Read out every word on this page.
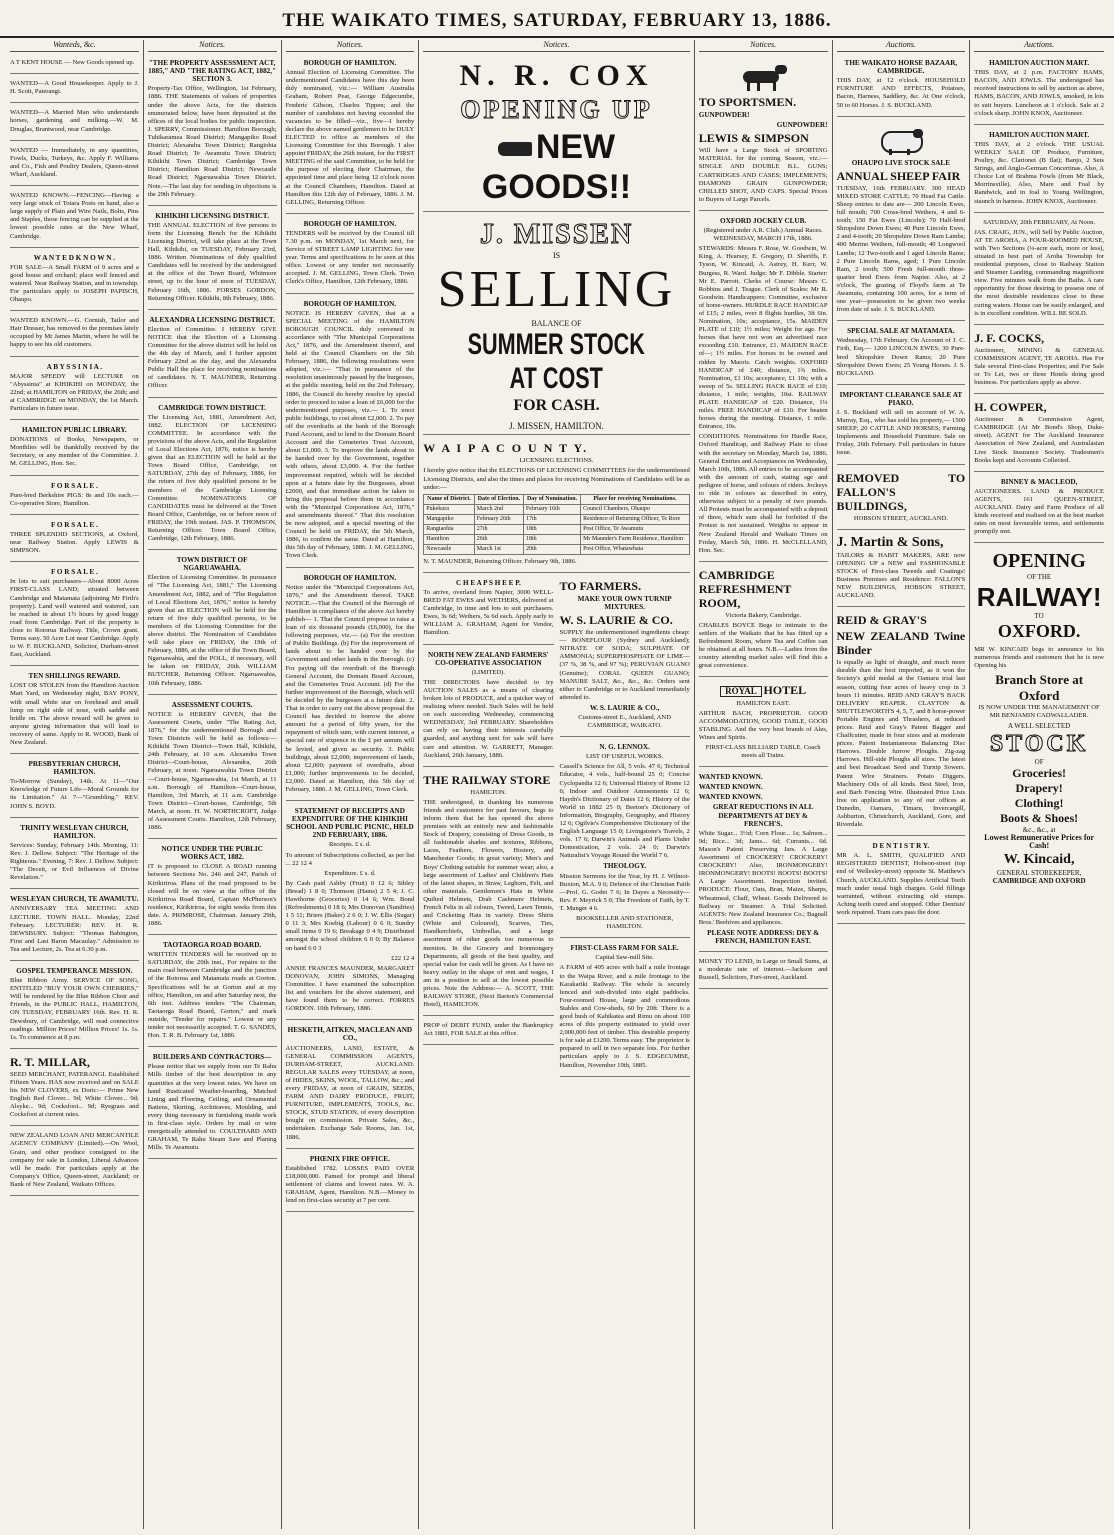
THE WAIKATO TIMES, SATURDAY, FEBRUARY 13, 1886.
Wanteds, &c.

A T KENT HOUSE — New Goods opened up.

WANTED—A Good Housekeeper. Apply to J. H. Scott, Paterangi.

WANTED—A Married Man who understands horses, gardening and milking.—W. M. Douglas, Brantwood, near Cambridge.

WANTED — Immediately, in any quantities, Fowls, Ducks, Turkeys, &c. Apply F. Williams and Co., Fish and Poultry Dealers, Queen-street Wharf, Auckland.

WANTED KNOWN.—FENCING—Having a very large stock of Totara Posts on hand, also a large supply of Plain and Wire Nails, Bolts, Pins and Staples, those fencing can be supplied at the lowest possible rates at the New Wharf, Cambridge.

W A N T E D K N O W N .

FOR SALE—A Small FARM of 9 acres and a good house and orchard; place well fenced and watered. Near Railway Station, and in township. For particulars apply to JOSEPH PAPISCH, Ohaupo.

WANTED KNOWN.—G. Cornish, Tailor and Hair Dresser, has removed to the premises lately occupied by Mr James Martin, where he will be happy to see his old customers.

A B Y S S I N I A .

MAJOR SPEEDY will LECTURE on "Abyssinia" at KIHIKIHI on MONDAY, the 22nd; at HAMILTON on FRIDAY, the 26th; and at CAMBRIDGE on MONDAY, the 1st March. Particulars in future issue.

HAMILTON PUBLIC LIBRARY.

DONATIONS of Books, Newspapers, or Monthlies will be thankfully received by the Secretary, or any member of the Committee. J. M. GELLING, Hon. Sec.

F O R S A L E .

Pure-bred Berkshire PIGS: 8s and 10s each.—Co-operative Store, Hamilton.

F O R S A L E .

THREE SPLENDID SECTIONS, at Oxford, near Railway Station. Apply LEWIS & SIMPSON.

F O R S A L E .

In lots to suit purchasers—About 8000 Acres FIRST-CLASS LAND; situated between Cambridge and Matamata (adjoining Mr Firth's property). Land well watered and watered, can be reached in about 1½ hours by good buggy road from Cambridge. Part of the property is close to Rotorua Railway. Title, Crown grant. Terms easy. 50 Acre Lot near Cambridge. Apply to W. F. BUCKLAND, Solicitor, Durham-street East, Auckland.

TEN SHILLINGS REWARD.

LOST OR STOLEN from the Hamilton Auction Mart Yard, on Wednesday night, BAY PONY, with small white star on forehead and small lump on right side of nose, with saddle and bridle on. The above reward will be given to anyone giving information that will lead to recovery of same. Apply to R. WOOD, Bank of New Zealand.

PRESBYTERIAN CHURCH, HAMILTON.

To-Morrow (Sunday), 14th. At 11—"Our Knowledge of Future Life—Moral Grounds for its Limitation." At 7—"Grumbling." REV. JOHN S. BOYD.

TRINITY WESLEYAN CHURCH, HAMILTON.

Services: Sunday, February 14th. Morning, 11: Rev. J. Dellow. Subject: "The Heritage of the Righteous." Evening, 7: Rev. J. Dellow. Subject: "The Deceit, or Evil Influences of Divine Revelation."

WESLEYAN CHURCH, TE AWAMUTU.

ANNIVERSARY TEA MEETING AND LECTURE. TOWN HALL. Monday, 22nd February. LECTURER: REV. H. R. DEWSBURY. Subject: "Thomas Babington, First and Last Baron Macaulay." Admission to Tea and Lecture, 2s. Tea at 6.30 p.m.

GOSPEL TEMPERANCE MISSION.

Blue Ribbon Army. SERVICE OF SONG, ENTITLED "BUY YOUR OWN CHERRIES," Will be rendered by the Blue Ribbon Choir and Friends, in the PUBLIC HALL, HAMILTON, ON TUESDAY, FEBRUARY 16th. Rev. H. R. Dewsbury, of Cambridge, will read connective readings. Million Prices! Million Prices! 1s. 1s. 1s. To commence at 8 p.m.

R. T. MILLAR,

SEED MERCHANT, PATERANGI. Established Fifteen Years. HAS now received and on SALE his NEW CLOVERS, ex Doric:— Prime New English Red Clover... 9d; White Clover... 9d; Alsyke... 9d; Cocksfoot... 9d; Ryegrass and Cocksfoot at current rates.

NEW ZEALAND LOAN AND MERCANTILE AGENCY COMPANY (Limited).—On Wool, Grain, and other produce consigned to the company for sale in London, Liberal Advances will be made. For particulars apply at the Company's Office, Queen-street, Auckland; or Bank of New Zealand, Waikato Offices.

Notices.

"THE PROPERTY ASSESSMENT ACT, 1885," AND "THE RATING ACT, 1882," SECTION 3.

Property-Tax Office, Wellington, 1st February, 1886. THE Statements of values of properties under the above Acts, for the districts enumerated below, have been deposited at the offices of the local bodies for public inspection. J. SPERRY, Commissioner. Hamilton Borough; Tuhikaramea Road District; Mangapiko Road District; Alexandra Town District; Rangiohia Road District; Te Awamutu Town District; Kihikihi Town District; Cambridge Town District; Hamilton Road District; Newcastle Road District; Ngaruawahia Town District. Note.—The last day for sending in objections is the 29th February.

KIHIKIHI LICENSING DISTRICT.

THE ANNUAL ELECTION of five persons to form the Licensing Bench for the Kihikihi Licensing District, will take place at the Town Hall, Kihikihi, on TUESDAY, February 23rd, 1886. Written Nominations of duly qualified Candidates will be received by the undersigned at the office of the Town Board, Whitmore street, up to the hour of noon of TUESDAY, February 16th, 1886. FORSES GORDON, Returning Officer. Kihikihi, 8th February, 1886.

ALEXANDRA LICENSING DISTRICT.

Election of Committee. I HEREBY GIVE NOTICE that the Election of a Licensing Committee for the above district will be held on the 4th day of March, and I further appoint February 22nd as the day, and the Alexandra Public Hall the place for receiving nominations of candidates. N. T. MAUNDER, Returning Officer.

CAMBRIDGE TOWN DISTRICT.

The Licensing Act, 1881, Amendment Act, 1882. ELECTION OF LICENSING COMMITTEE. In accordance with the provisions of the above Acts, and the Regulation of Local Elections Act, 1876, notice is hereby given that an ELECTION will be held at the Town Board Office, Cambridge, on SATURDAY, 27th day of February, 1886, for the return of five duly qualified persons to be members of the Cambridge Licensing Committee. NOMINATIONS OF CANDIDATES must be delivered at the Town Board Office, Cambridge, on or before noon of FRIDAY, the 19th instant. JAS. P. THOMSON, Returning Officer. Town Board Office, Cambridge, 12th February, 1886.

TOWN DISTRICT OF NGARUAWAHIA.

Election of Licensing Committee. In pursuance of "The Licensing Act, 1881," The Licensing Amendment Act, 1882, and of "The Regulation of Local Elections Act, 1876," notice is hereby given that an ELECTION will be held for the return of five duly qualified persons, to be members of the Licensing Committee for the above district. The Nomination of Candidates will take place on FRIDAY, the 19th of February, 1886, at the office of the Town Board, Ngaruawahia, and the POLL, if necessary, will be taken on FRIDAY, 26th. WILLIAM BUTCHER, Returning Officer. Ngaruawahia, 10th February, 1886.

ASSESSMENT COURTS.

NOTICE is HEREBY GIVEN, that the Assessment Courts, under "The Rating Act, 1876," for the undermentioned Borough and Town Districts will be held as follows:— Kihikihi Town District—Town Hall, Kihikihi, 24th February, at 10 a.m. Alexandra Town District—Court-house, Alexandra, 26th February, at noon. Ngaruawahia Town District—Court-house, Ngaruawahia, 1st March, at 11 a.m. Borough of Hamilton—Court-house, Hamilton, 3rd March, at 11 a.m. Cambridge Town District—Court-house, Cambridge, 5th March, at noon. H. W. NORTHCROFT, Judge of Assessment Courts. Hamilton, 12th February, 1886.

NOTICE UNDER THE PUBLIC WORKS ACT, 1882.

IT is proposed to CLOSE A ROAD running between Sections No. 246 and 247, Parish of Kirikiriroa. Plans of the road proposed to be closed will be on view at the office of the Kirikiriroa Road Board, Captain McPherson's residence, Kirikiriroa, for eight weeks from this date. A. PRIMROSE, Chairman. January 29th, 1886.

TAOTAORGA ROAD BOARD.

WRITTEN TENDERS will be received up to SATURDAY, the 20th inst., For repairs to the main road between Cambridge and the junction of the Rotorua and Matamata roads at Gorton. Specifications will be at Gorton and at my office, Hamilton, on and after Saturday next, the 6th inst. Address tenders "The Chairman, Taotaorga Road Board, Gorton," and mark outside, "Tender for repairs." Lowest or any tender not necessarily accepted. T. G. SANDES, Hon. T. R. B. February 1st, 1886.

BUILDERS AND CONTRACTORS—

Please notice that we supply from our Te Rahu Mills timber of the best description in any quantities at the very lowest rates. We have on hand Rusticated Weather-boarding, Matched Lining and Flooring, Ceiling, and Ornamental Battens, Skirting, Architraves, Moulding, and every thing necessary in furnishing inside work in first-class style. Orders by mail or wire energetically attended to. COULTHARD AND GRAHAM, Te Rahu Steam Saw and Planing Mills. Te Awamutu.

Notices.

BOROUGH OF HAMILTON.

Annual Election of Licensing Committee. The undermentioned Candidates have this day been duly nominated, viz.:— William Australia Graham, Robert Peat, George Edgecumbe, Frederic Gibson, Charles Tippen; and the number of candidates not having exceeded the vacancies to be filled—viz., five—I hereby declare the above named gentlemen to be DULY ELECTED to office as members of the Licensing Committee for this Borough. I also appoint FRIDAY, the 26th instant, for the FIRST MEETING of the said Committee, to be held for the purpose of electing their Chairman, the appointed time and place being 12 o'clock noon at the Council Chambers, Hamilton. Dated at Hamilton this 12th day of February, 1886. J. M. GELLING, Returning Officer.

BOROUGH OF HAMILTON.

TENDERS will be received by the Council till 7.30 p.m. on MONDAY, 1st March next, for Service of STREET LAMP LIGHTING for one year. Terms and specifications to be seen at this office. Lowest or any tender not necessarily accepted. J. M. GELLING, Town Clerk. Town Clerk's Office, Hamilton, 12th February, 1886.

BOROUGH OF HAMILTON.

NOTICE IS HEREBY GIVEN, that at a SPECIAL MEETING of the HAMILTON BOROUGH COUNCIL duly convened in accordance with "The Municipal Corporations Act," 1876, and the Amendment thereof, and held at the Council Chambers on the 5th February, 1886, the following resolutions were adopted, viz.:— "That in pursuance of the resolution unanimously passed by the burgesses, at the public meeting, held on the 2nd February, 1886, the Council do hereby resolve by special order to proceed to raise a loan of £6,000 for the undermentioned purposes, viz.— 1. To erect public buildings, to cost about £2,000. 2. To pay off the overdrafts at the bank of the Borough Fund Account, and to lend to the Domain Board Account and the Cemeteries Trust Account, about £1,000. 3. To improve the lands about to be handed over by the Government, together with others, about £3,000. 4. For the further improvement required, which will be decided upon at a future date by the Burgesses, about £2000, and that immediate action be taken to bring this proposal before them in accordance with the "Municipal Corporations Act, 1876," and amendments thereof." That this resolution be now adopted, and a special meeting of the Council be held on FRIDAY, the 5th March, 1886, to confirm the same. Dated at Hamilton, this 5th day of February, 1886. J. M. GELLING, Town Clerk.

BOROUGH OF HAMILTON.

Notice under the "Municipal Corporations Act, 1876," and the Amendment thereof. TAKE NOTICE.—That the Council of the Borough of Hamilton in compliance of the above Act hereby publish— 1. That the Council propose to raise a loan of six thousand pounds (£6,000), for the following purposes, viz.— (a) For the erection of Public Buildings. (b) For the improvement of lands about to be handed over by the Government and other lands in the Borough. (c) For paying off the overdraft of the Borough General Account, the Domain Board Account, and the Cemeteries Trust Account. (d) For the further improvement of the Borough, which will be decided by the burgesses at a future date. 2. That in order to carry out the above proposal the Council has decided to borrow the above amount for a period of fifty years, for the repayment of which sum, with current interest, a special rate of sixpence in the £ per annum will be levied, and given as security. 3. Public buildings, about £2,000; improvement of lands, about £2,000; payment of overdrafts, about £1,000; further improvements to be decided, £2,000. Dated at Hamilton, this 5th day of February, 1886. J. M. GELLING, Town Clerk.

STATEMENT OF RECEIPTS AND EXPENDITURE OF THE KIHIKIHI SCHOOL AND PUBLIC PICNIC, HELD 2ND FEBRUARY, 1886.

Receipts. £ s. d.

To amount of Subscriptions collected, as per list ... 22 12 4

Expenditure. £ s. d.

By Cash paid Ashby (Fruit) 0 12 6; Sibley (Bread) 1 8 0; Thomson (Hams) 2 5 4; J. C. Hawthorne (Groceries) 0 14 6; Wm. Bond (Refreshments) 0 18 6; Mrs Donovan (Sundries) 1 5 11; Briers (Baker) 2 6 0; J. W. Ellis (Sugar) 0 11 3; Mrs Koebig (Labour) 0 6 0; Sundry small items 0 19 6; Breakage 0 4 9; Distributed amongst the school children 6 0 0; By Balance on hand 6 0 3

£22 12 4

ANNIE FRANCES MAUNDER, MARGARET DONOVAN, JOHN SIMONS, Managing Committee. I have examined the subscription list and vouchers for the above statement, and have found them to be correct. FORRES GORDON. 10th February, 1886.

HESKETH, AITKEN, MACLEAN AND CO.,

AUCTIONEERS, LAND, ESTATE, & GENERAL COMMISSION AGENTS, DURHAM-STREET, AUCKLAND. REGULAR SALES every TUESDAY, at noon, of HIDES, SKINS, WOOL, TALLOW, &c.; and every FRIDAY, at noon of GRAIN, SEEDS, FARM AND DAIRY PRODUCE, FRUIT, FURNITURE, IMPLEMENTS, TOOLS, &c. STOCK, STUD STATION, of every description bought on commission. Private Sales, &c., undertaken. Exchange Sale Rooms, Jan. 1st, 1886.

PHŒNIX FIRE OFFICE.

Established 1782. LOSSES PAID OVER £18,000,000. Famed for prompt and liberal settlement of claims and lowest rates. W. A. GRAHAM, Agent, Hamilton. N.B.—Money to lend on first-class security at 7 per cent.

Notices.
N. R. COX
OPENING UP
NEW GOODS!!
J. MISSEN
IS
SELLING
BALANCE OF
SUMMER STOCK AT COST
FOR CASH.
J. MISSEN, HAMILTON.

W A I P A C O U N T Y.

LICENSING ELECTIONS.

I hereby give notice that the ELECTIONS OF LICENSING COMMITTEES for the undermentioned Licensing Districts, and also the times and places for receiving Nominations of Candidates will be as under:—

Name of District.	Date of Election.	Day of Nomination.	Place for receiving Nominations.
Pukekura	March 2nd	February 16th	Council Chambers, Ohaupo
Mangapiko	February 26th	17th	Residence of Returning Officer, Te Rore
Rangiaohia	27th	18th	Post Office, Te Awamutu
Hamilton	26th	18th	Mr Maunder's Farm Residence, Hamilton
Newcastle	March 1st	20th	Post Office, Whatawhata

N. T. MAUNDER, Returning Officer. February 9th, 1886.

C H E A P S H E E P.

To arrive, overland from Napier, 3000 WELL-BRED FAT EWES and WETHERS, delivered at Cambridge, in time and lots to suit purchasers. Ewes, 3s 6d; Wethers, 5s 6d each. Apply early to WILLIAM A. GRAHAM, Agent for Vendor, Hamilton.

NORTH NEW ZEALAND FARMERS' CO-OPERATIVE ASSOCIATION

(LIMITED).

THE DIRECTORS have decided to try AUCTION SALES as a means of clearing broken lots of PRODUCE, and a quicker way of realising where needed. Such Sales will be held on each succeeding Wednesday, commencing WEDNESDAY, 3rd FEBRUARY. Shareholders can rely on having their interests carefully guarded, and anything sent for sale will have care and attention. W. GARRETT, Manager. Auckland, 26th January, 1886.

THE RAILWAY STORE

HAMILTON.

THE undersigned, in thanking his numerous friends and customers for past favours, begs to inform them that he has opened the above premises with an entirely new and fashionable Stock of Drapery, consisting of Dress Goods, in all fashionable shades and textures, Ribbons, Laces, Feathers, Flowers, Hosiery, and Manchester Goods; in great variety; Men's and Boys' Clothing suitable for summer wear; also, a large assortment of Ladies' and Children's Hats of the latest shapes, in Straw, Leghorn, Felt, and other materials. Gentlemen's Hats in White Quilted Helmets, Drab Cashmere Helmets, French Felts in all colours, Tweed, Lawn Tennis, and Cricketing Hats in variety. Dress Shirts (White and Coloured), Scarves, Ties, Handkerchiefs, Umbrellas, and a large assortment of other goods too numerous to mention. In the Grocery and Ironmongery Departments, all goods of the best quality, and special value for cash will be given. As I have no heavy outlay in the shape of rent and wages, I am in a position to sell at the lowest possible prices. Note the Address:— A. SCOTT, THE RAILWAY STORE, (Next Barton's Commercial Hotel), HAMILTON.

PROP of DEBIT FUND, under the Bankruptcy Act 1883, FOR SALE at this office.

TO FARMERS.

MAKE YOUR OWN TURNIP MIXTURES.

W. S. LAURIE & CO.

SUPPLY the undermentioned ingredients cheap:— BONEFLOUR (Sydney and Auckland); NITRATE OF SODA; SULPHATE OF AMMONIA; SUPERPHOSPHATE OF LIME—(37 %, 38 %, and 97 %); PERUVIAN GUANO (Genuine); CORAL QUEEN GUANO; MANURE SALT, &c., &c., &c. Orders sent either to Cambridge or to Auckland immediately attended to.

W. S. LAURIE & CO.,

Customs-street E., Auckland, AND CAMBRIDGE, WAIKATO.

N. G. LENNOX.

LIST OF USEFUL WORKS.

Cassell's Science for All, 5 vols. 47 6; Technical Educator, 4 vols., half-bound 25 0; Concise Cyclopaedia 12 6; Universal History of Rome 12 6; Indoor and Outdoor Amusements 12 6; Haydn's Dictionary of Dates 12 6; History of the World in 1882 25 0; Beeton's Dictionary of Information, Biography, Geography, and History 12 6; Ogilvie's Comprehensive Dictionary of the English Language 15 0; Livingstone's Travels, 2 vols. 17 6; Darwin's Animals and Plants Under Domestication, 2 vols. 24 0; Darwin's Naturalist's Voyage Round the World 7 6.

THEOLOGY.

Mission Sermons for the Year, by H. J. Wilmot-Buxton, M.A. 9 6; Defence of the Christian Faith—Prof. G. Godet 7 6; In Dayes a Necessity—Rev. F. Meyrick 5 0; The Freedom of Faith, by T. T. Munger 4 6.

BOOKSELLER AND STATIONER, HAMILTON.

FIRST-CLASS FARM FOR SALE.

Capital Saw-mill Site.

A FARM of 405 acres with half a mile frontage to the Waipa River, and a mile frontage to the Karakariki Railway. The whole is securely fenced and sub-divided into eight paddocks. Four-roomed House, large and commodious Stables and Cow-sheds, 60 by 20ft. There is a good bush of Kahikatea and Rimu on about 100 acres of this property estimated to yield over 2,000,000 feet of timber. This desirable property is for sale at £1200. Terms easy. The proprietor is prepared to sell in two separate lots. For further particulars apply to J. S. EDGECUMBE, Hamilton, November 19th, 1885.

Notices.

TO SPORTSMEN.

GUNPOWDER!

GUNPOWDER!

LEWIS & SIMPSON

Will have a Large Stock of SPORTING MATERIAL for the coming Season, viz.:— SINGLE AND DOUBLE B.L. GUNS; CARTRIDGES AND CASES; IMPLEMENTS; DIAMOND GRAIN GUNPOWDER; CHILLED SHOT, AND CAPS. Special Prices to Buyers of Large Parcels.

OXFORD JOCKEY CLUB.

(Registered under A.R. Club.) Annual Races. WEDNESDAY, MARCH 17th, 1886.

STEWARDS: Messrs F. Rose, W. Goodwin, W. King, A. Hearsey, E. Gregory, D. Sheriffs, F. Tyson, W. Kincaid, A. Astrey, H. Kerr, W. Burgess, R. Ward. Judge: Mr F. Dibble. Starter: Mr E. Parrott. Clerks of Course: Messrs C. Robbins and J. Teague. Clerk of Scales: Mr R. Goodwin. Handicappers: Committee, exclusive of horse-owners. HURDLE RACE HANDICAP of £15; 2 miles, over 8 flights hurdles, 3ft 6in. Nomination, 10s; acceptance, 15s. MAIDEN PLATE of £10; 1½ miles; Weight for age. For horses that have not won an advertised race exceeding £10. Entrance, £1. MAIDEN RACE of—; 1½ miles. For horses to be owned and ridden by Maoris. Catch weights. OXFORD HANDICAP of £40; distance, 1¾ miles. Nomination, £1 10s; acceptance, £1 10s; with a sweep of 5s. SELLING HACK RACE of £10; distance, 1 mile; weights, 10st. RAILWAY PLATE HANDICAP of £20. Distance, 1¼ miles. FREE HANDICAP of £10. For beaten horses during the meeting. Distance, 1 mile. Entrance, 10s.

CONDITIONS. Nominations for Hurdle Race, Oxford Handicap, and Railway Plate to close with the secretary on Monday, March 1st, 1886. General Entries and Acceptances on Wednesday, March 10th, 1886. All entries to be accompanied with the amount of cash, stating age and pedigree of horse, and colours of riders. Jockeys to ride in colours as described in entry, otherwise subject to a penalty of two pounds. All Protests must be accompanied with a deposit of three, which sum shall be forfeited if the Protest is not sustained. Weights to appear in New Zealand Herald and Waikato Times on Friday, March 5th, 1886. H. McCLELLAND, Hon. Sec.

CAMBRIDGE REFRESHMENT ROOM,

Victoria Bakery, Cambridge.

CHARLES BOYCE Begs to intimate to the settlers of the Waikato that he has fitted up a Refreshment Room, where Tea and Coffee can be obtained at all hours. N.B.—Ladies from the country attending market sales will find this a great convenience.

ROYAL HOTEL

HAMILTON EAST.

ARTHUR BACH, PROPRIETOR. GOOD ACCOMMODATION, GOOD TABLE, GOOD STABLING. And the very best brands of Ales, Wines and Spirits.

FIRST-CLASS BILLIARD TABLE. Coach meets all Trains.

WANTED KNOWN.

WANTED KNOWN.

WANTED KNOWN.

GREAT REDUCTIONS IN ALL DEPARTMENTS AT DEY & FRENCH'S.

White Sugar... 3½d; Corn Flour... 1s; Salmon... 9d; Rice... 3d; Jams... 6d; Currants... 6d. Mason's Patent Preserving Jars. A Large Assortment of CROCKERY! CROCKERY! CROCKERY! Also, IRONMONGERY! IRONMONGERY! BOOTS! BOOTS! BOOTS! A Large Assortment. Inspection invited. PRODUCE: Flour, Oats, Bran, Maize, Sharps, Wheatmeal, Chaff, Wheat. Goods Delivered to Railway or Steamer. A Trial Solicited. AGENTS: New Zealand Insurance Co.; Bagnall Bros.' Beehives and appliances.

PLEASE NOTE ADDRESS: DEY & FRENCH, HAMILTON EAST.

MONEY TO LEND, in Large or Small Sums, at a moderate rate of interest.—Jackson and Russell, Solicitors, Fort-street, Auckland.

Auctions.

THE WAIKATO HORSE BAZAAR, CAMBRIDGE.

THIS DAY, at 12 o'clock. HOUSEHOLD FURNITURE AND EFFECTS, Potatoes, Bacon, Harness, Saddlery, &c. At One o'clock, 50 to 60 Horses. J. S. BUCKLAND.

OHAUPO LIVE STOCK SALE

ANNUAL SHEEP FAIR

TUESDAY, 16th FEBRUARY. 300 HEAD MIXED STORE CATTLE; 70 Head Fat Cattle. Sheep entries to date are— 200 Lincoln Ewes, full mouth; 700 Cross-bred Wethers, 4 and 6-tooth; 150 Fat Ewes (Lincoln); 70 Half-bred Shropshire Down Ewes; 40 Pure Lincoln Ewes, 2 and 4-tooth; 20 Shropshire Down Ram Lambs; 400 Merino Wethers, full-mouth; 40 Longwool Lambs; 12 Two-tooth and 1 aged Lincoln Rams; 2 Pure Lincoln Rams, aged; 1 Pure Lincoln Ram, 2 tooth; 500 Fresh full-mouth three-quarter bred Ewes from Napier. Also, at 2 o'clock, The grazing of Floyd's farm at Te Awamutu, containing 100 acres, for a term of one year—possession to be given two weeks from date of sale. J. S. BUCKLAND.

SPECIAL SALE AT MATAMATA.

Wednesday, 17th February. On Account of J. C. Firth, Esq.— 1200 LINCOLN EWES; 30 Pure-bred Shropshire Down Rams; 20 Pure Shropshire Down Ewes; 25 Young Horses. J. S. BUCKLAND.

IMPORTANT CLEARANCE SALE AT PIAKO.

J. S. Buckland will sell on account of W. A. Murray, Esq., who has sold his property,— 1500 SHEEP; 20 CATTLE AND HORSES; Farming Implements and Household Furniture. Sale on Friday, 26th February. Full particulars in future issue.

REMOVED TO FALLON'S BUILDINGS,

HOBSON STREET, AUCKLAND.

J. Martin & Sons,

TAILORS & HABIT MAKERS, ARE now OPENING UP a NEW and FASHIONABLE STOCK of First-class Tweeds and Coatings! Business Premises and Residence: FALLON'S NEW BUILDINGS, HOBSON STREET, AUCKLAND.

REID & GRAY'S

NEW ZEALAND Twine Binder

Is equally as light of draught, and much more durable than the best imported, as it won the Society's gold medal at the Oamaru trial last season, cutting four acres of heavy crop in 3 hours 11 minutes. REID AND GRAY'S BACK DELIVERY REAPER. CLAYTON & SHUTTLEWORTH'S 4, 5, 7, and 8 horse-power Portable Engines and Thrashers, at reduced prices. Reid and Gray's Patent Bagger and Chaffcutter, made in four sizes and at moderate prices. Patent Instantaneous Balancing Disc Harrows. Double furrow Ploughs. Zig-zag Harrows. Hill-side Ploughs all sizes. The latest and best Broadcast Seed and Turnip Sowers. Patent Wire Strainers. Potato Diggers. Machinery Oils of all kinds. Best Steel, Iron, and Barb Fencing Wire. Illustrated Price Lists free on application to any of our offices at Dunedin, Oamaru, Timaru, Invercargill, Ashburton, Christchurch, Auckland, Gore, and Riverdale.

D E N T I S T R Y.

MR A. L. SMITH, QUALIFIED AND REGISTERED DENTIST, Hobson-street (top end of Wellesley-street) opposite St. Matthew's Church, AUCKLAND. Supplies Artificial Teeth much under usual high charges. Gold fillings warranted, without extracting old stumps. Aching teeth cured and stopped. Other Dentists' work repaired. Tram cars pass the door.

Auctions.

HAMILTON AUCTION MART.

THIS DAY, at 2 p.m. FACTORY HAMS, BACON, AND JOWLS. The undersigned has received instructions to sell by auction as above, HAMS, BACON, AND JOWLS, smoked, in lots to suit buyers. Luncheon at 1 o'clock. Sale at 2 o'clock sharp. JOHN KNOX, Auctioneer.

HAMILTON AUCTION MART.

THIS DAY, at 2 o'clock. THE USUAL WEEKLY SALE OF Produce, Furniture, Poultry, &c. Clarionet (B flat); Banjo, 2 Sets Strings, and Anglo-German Concertinas. Also, A Choice Lot of Brahma Fowls (from Mr Black, Morrinsville). Also, Mare and Foal by Randwick, and in foal to Young Wellington, staunch in harness. JOHN KNOX, Auctioneer.

SATURDAY, 20th FEBRUARY, At Noon.

JAS. CRAIG, JUN., will Sell by Public Auction, AT TE AROHA, A FOUR-ROOMED HOUSE, with Two Sections (¼-acre each, more or less), situated in best part of Aroha Township for residential purposes, close to Railway Station and Steamer Landing, commanding magnificent view. Five minutes walk from the Baths. A rare opportunity for those desiring to possess one of the most desirable residences close to these curing waters. House can be easily enlarged, and is in excellent condition. WILL BE SOLD.

J. F. COCKS,

Auctioneer, MINING & GENERAL COMMISSION AGENT, TE AROHA. Has For Sale several First-class Properties; and For Sale or To Let, two or three Hotels doing good business. For particulars apply as above.

H. COWPER,

Auctioneer & Commission Agent, CAMBRIDGE (At Mr Bond's Shop, Duke-street). AGENT for The Auckland Insurance Association of New Zealand, and Australasian Live Stock Insurance Society. Tradesmen's Books kept and Accounts Collected.

BINNEY & MACLEOD,

AUCTIONEERS. LAND & PRODUCE AGENTS, 161 QUEEN-STREET, AUCKLAND. Dairy and Farm Produce of all kinds received and realised on at the best market rates on most favourable terms, and settlements promptly met.

OPENING
OF THE
RAILWAY!
TO
OXFORD.

MR W. KINCAID begs to announce to his numerous friends and customers that he is now Opening his

Branch Store at Oxford

IS NOW UNDER THE MANAGEMENT OF MR BENJAMIN CADWALLADER.

A WELL SELECTED
STOCK
OF
Groceries!
Drapery!
Clothing!
Boots & Shoes!
&c., &c., at
Lowest Remunerative Prices for Cash!
W. Kincaid,
GENERAL STOREKEEPER,
CAMBRIDGE AND OXFORD
